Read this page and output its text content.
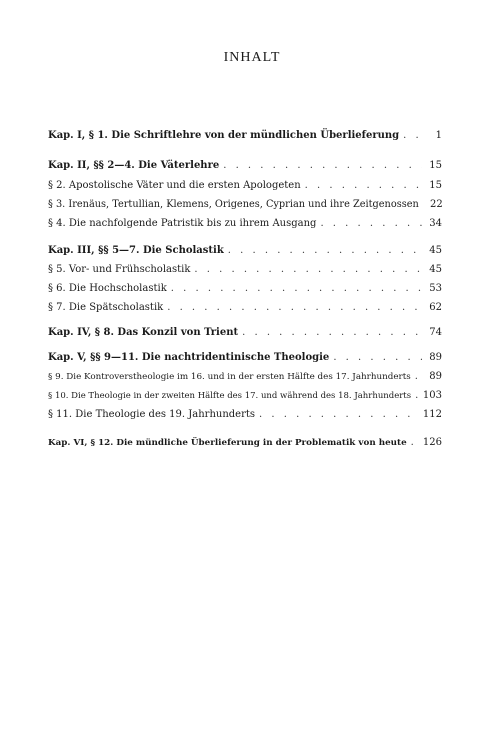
INHALT
Kap. I, § 1. Die Schriftlehre von der mündlichen Überlieferung . . .	1
Kap. II, §§ 2—4. Die Väterlehre . . .	15
§ 2. Apostolische Väter und die ersten Apologeten . . .	15
§ 3. Irenäus, Tertullian, Klemens, Origenes, Cyprian und ihre Zeitgenossen	22
§ 4. Die nachfolgende Patristik bis zu ihrem Ausgang . . .	34
Kap. III, §§ 5—7. Die Scholastik . . .	45
§ 5. Vor- und Frühscholastik . . .	45
§ 6. Die Hochscholastik . . .	53
§ 7. Die Spätscholastik . . .	62
Kap. IV, § 8. Das Konzil von Trient . . .	74
Kap. V, §§ 9—11. Die nachtridentinische Theologie . . .	89
§ 9. Die Kontroverstheologie im 16. und in der ersten Hälfte des 17. Jahrhunderts . . .	89
§ 10. Die Theologie in der zweiten Hälfte des 17. und während des 18. Jahrhunderts . . . 103
§ 11. Die Theologie des 19. Jahrhunderts . . .	112
Kap. VI, § 12. Die mündliche Überlieferung in der Problematik von heute . . . 126
